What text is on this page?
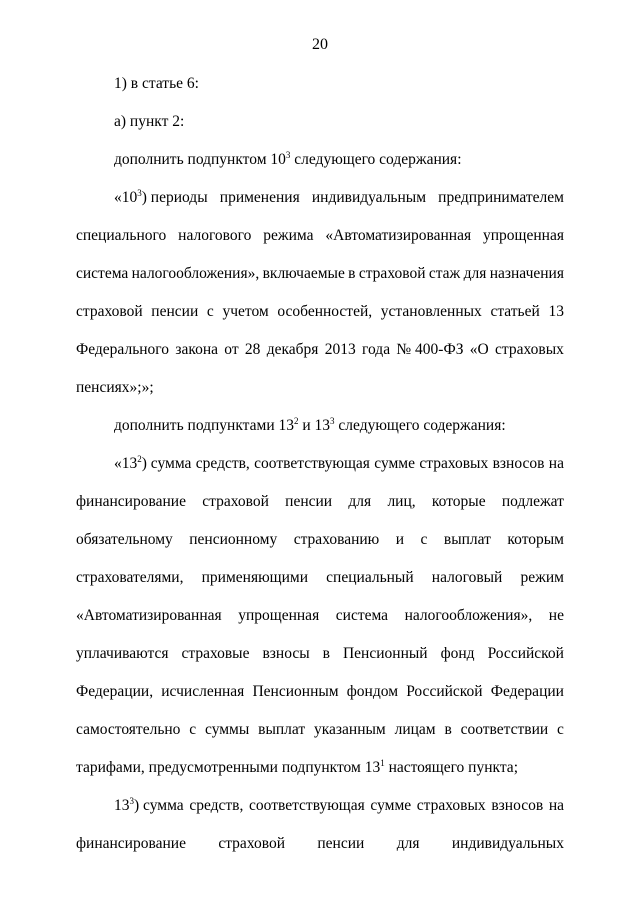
20
1) в статье 6:
а) пункт 2:
дополнить подпунктом $10^3$ следующего содержания:
«$10^3$) периоды применения индивидуальным предпринимателем
специального налогового режима «Автоматизированная упрощенная
система налогообложения», включаемые в страховой стаж для назначения
страховой пенсии с учетом особенностей, установленных статьей 13
Федерального закона от 28 декабря 2013 года № 400-ФЗ «О страховых
пенсиях»;»;
дополнить подпунктами $13^2$ и $13^3$ следующего содержания:
«$13^2$) сумма средств, соответствующая сумме страховых взносов на
финансирование страховой пенсии для лиц, которые подлежат
обязательному пенсионному страхованию и с выплат которым
страхователями, применяющими специальный налоговый режим
«Автоматизированная упрощенная система налогообложения», не
уплачиваются страховые взносы в Пенсионный фонд Российской
Федерации, исчисленная Пенсионным фондом Российской Федерации
самостоятельно с суммы выплат указанным лицам в соответствии с
тарифами, предусмотренными подпунктом $13^1$ настоящего пункта;
$13^3$) сумма средств, соответствующая сумме страховых взносов на
финансирование страховой пенсии для индивидуальных
